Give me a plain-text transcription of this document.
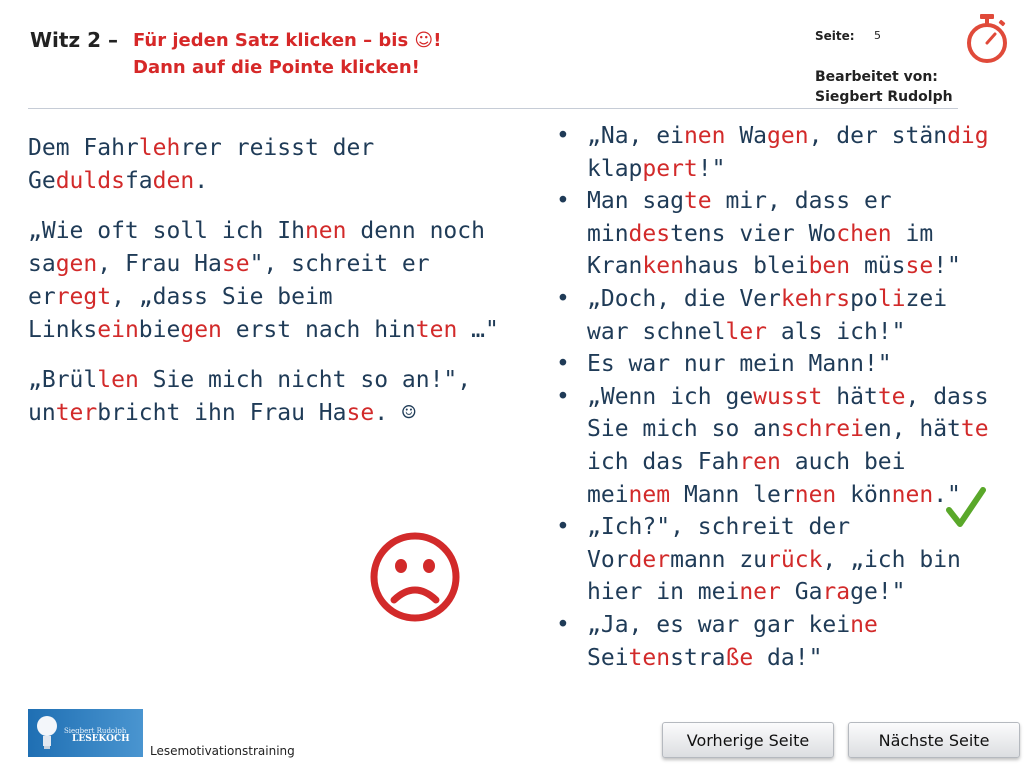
Witz 2 – Für jeden Satz klicken – bis ☺!
Dann auf die Pointe klicken!
Seite: 5
Bearbeitet von:
Siegbert Rudolph

Dem Fahrlehrer reisst der Geduldsfaden.

„Wie oft soll ich Ihnen denn noch sagen, Frau Hase", schreit er erregt, „dass Sie beim Linkseinbiegen erst nach hinten …"

„Brüllen Sie mich nicht so an!", unterbricht ihn Frau Hase. ☺

• „Na, einen Wagen, der ständig klappert!"
• Man sagte mir, dass er mindestens vier Wochen im Krankenhaus bleiben müsse!"
• „Doch, die Verkehrspolizei war schneller als ich!"
• Es war nur mein Mann!"
• „Wenn ich gewusst hätte, dass Sie mich so anschreien, hätte ich das Fahren auch bei meinem Mann lernen können."
• „Ich?", schreit der Vordermann zurück, „ich bin hier in meiner Garage!"
• „Ja, es war gar keine Seitenstraße da!"
Siegbert Rudolph
LESEKOCH
Lesemotivationstraining
Vorherige Seite	Nächste Seite
